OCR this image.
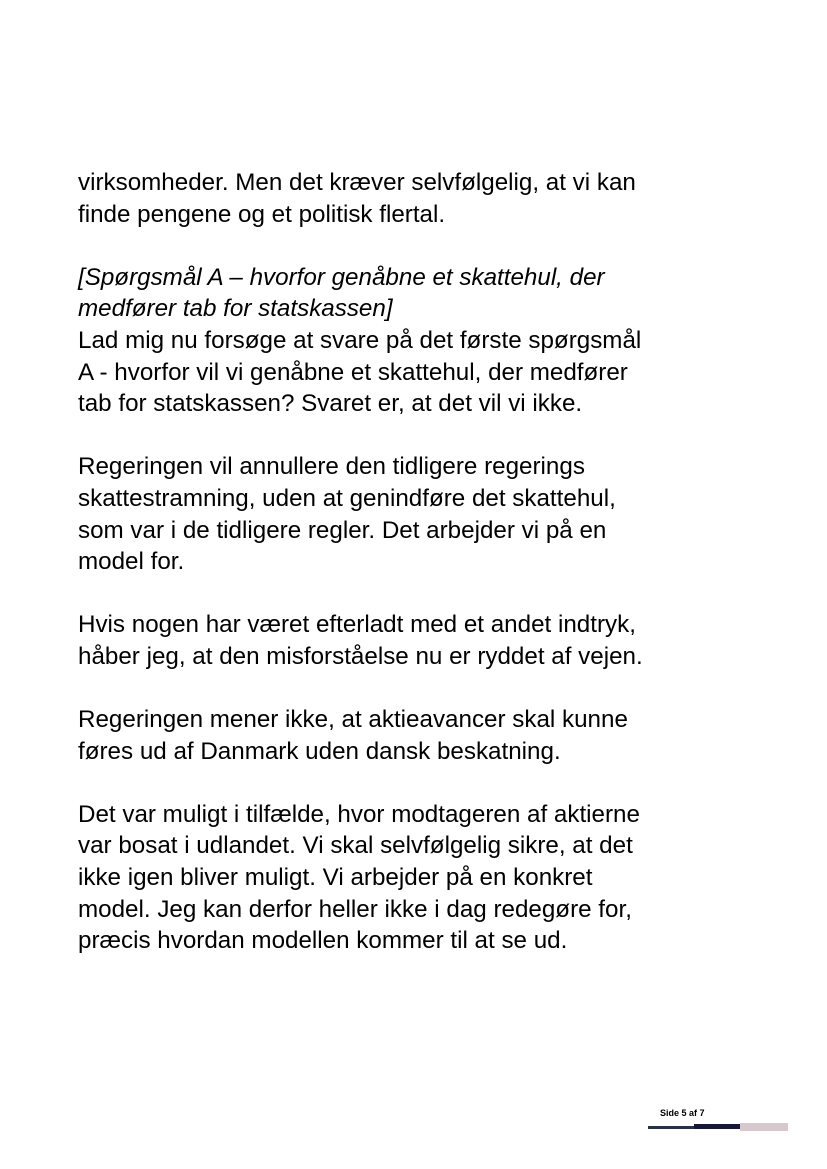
virksomheder. Men det kræver selvfølgelig, at vi kan
finde pengene og et politisk flertal.

[Spørgsmål A – hvorfor genåbne et skattehul, der
medfører tab for statskassen]

Lad mig nu forsøge at svare på det første spørgsmål
A - hvorfor vil vi genåbne et skattehul, der medfører
tab for statskassen? Svaret er, at det vil vi ikke.

Regeringen vil annullere den tidligere regerings
skattestramning, uden at genindføre det skattehul,
som var i de tidligere regler. Det arbejder vi på en
model for.

Hvis nogen har været efterladt med et andet indtryk,
håber jeg, at den misforståelse nu er ryddet af vejen.

Regeringen mener ikke, at aktieavancer skal kunne
føres ud af Danmark uden dansk beskatning.

Det var muligt i tilfælde, hvor modtageren af aktierne
var bosat i udlandet. Vi skal selvfølgelig sikre, at det
ikke igen bliver muligt. Vi arbejder på en konkret
model. Jeg kan derfor heller ikke i dag redegøre for,
præcis hvordan modellen kommer til at se ud.

Side 5 af 7
